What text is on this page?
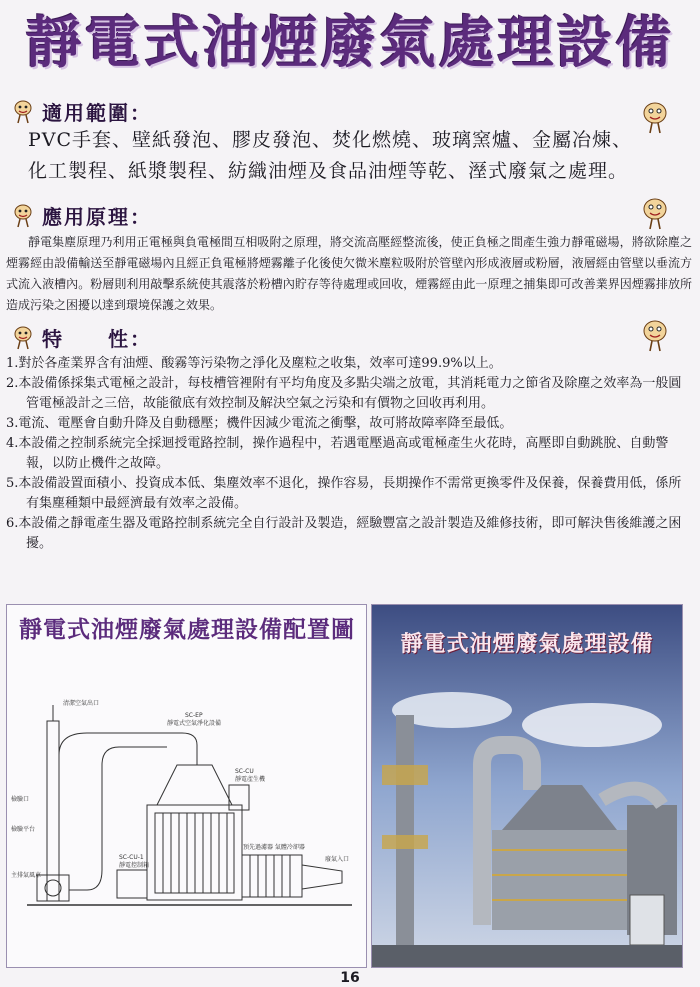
靜電式油煙廢氣處理設備
適用範圍：
PVC手套、壁紙發泡、膠皮發泡、焚化燃燒、玻璃窯爐、金屬冶煉、
化工製程、紙漿製程、紡織油煙及食品油煙等乾、溼式廢氣之處理。
應用原理：
靜電集塵原理乃利用正電極與負電極間互相吸附之原理，將交流高壓經整流後，使正負極之間產生強力靜電磁場，將欲除塵之煙霧經由設備輸送至靜電磁場內且經正負電極將煙霧離子化後使欠微米塵粒吸附於管壁內形成液層或粉層，液層經由管壁以垂流方式流入液槽內。粉層則利用敲擊系統使其震落於粉槽內貯存等待處理或回收，煙霧經由此一原理之捕集即可改善業界因煙霧排放所造成污染之困擾以達到環境保護之效果。
特　　性：
1.對於各產業界含有油煙、酸霧等污染物之淨化及塵粒之收集，效率可達99.9%以上。
2.本設備係採集式電極之設計，每枝槽管裡附有平均角度及多點尖端之放電，其消耗電力之節省及除塵之效率為一般圓管電極設計之三倍，故能徹底有效控制及解決空氣之污染和有價物之回收再利用。
3.電流、電壓會自動升降及自動穩壓；機件因減少電流之衝擊，故可將故障率降至最低。
4.本設備之控制系統完全採迴授電路控制，操作過程中，若遇電壓過高或電極產生火花時，高壓即自動跳脫、自動警報，以防止機件之故障。
5.本設備設置面積小、投資成本低、集塵效率不退化，操作容易，長期操作不需常更換零件及保養，保養費用低，係所有集塵種類中最經濟最有效率之設備。
6.本設備之靜電產生器及電路控制系統完全自行設計及製造，經驗豐富之設計製造及維修技術，即可解決售後維護之困擾。
靜電式油煙廢氣處理設備配置圖
清潔空氣出口
SC-EP
靜電式空氣淨化設備
SC-CU
靜電產生機
檢驗口
檢驗平台
主排氣風車
SC-CU-1
靜電控制箱
預先過濾器 氣體冷卻器
廢氣入口
靜電式油煙廢氣處理設備
16
